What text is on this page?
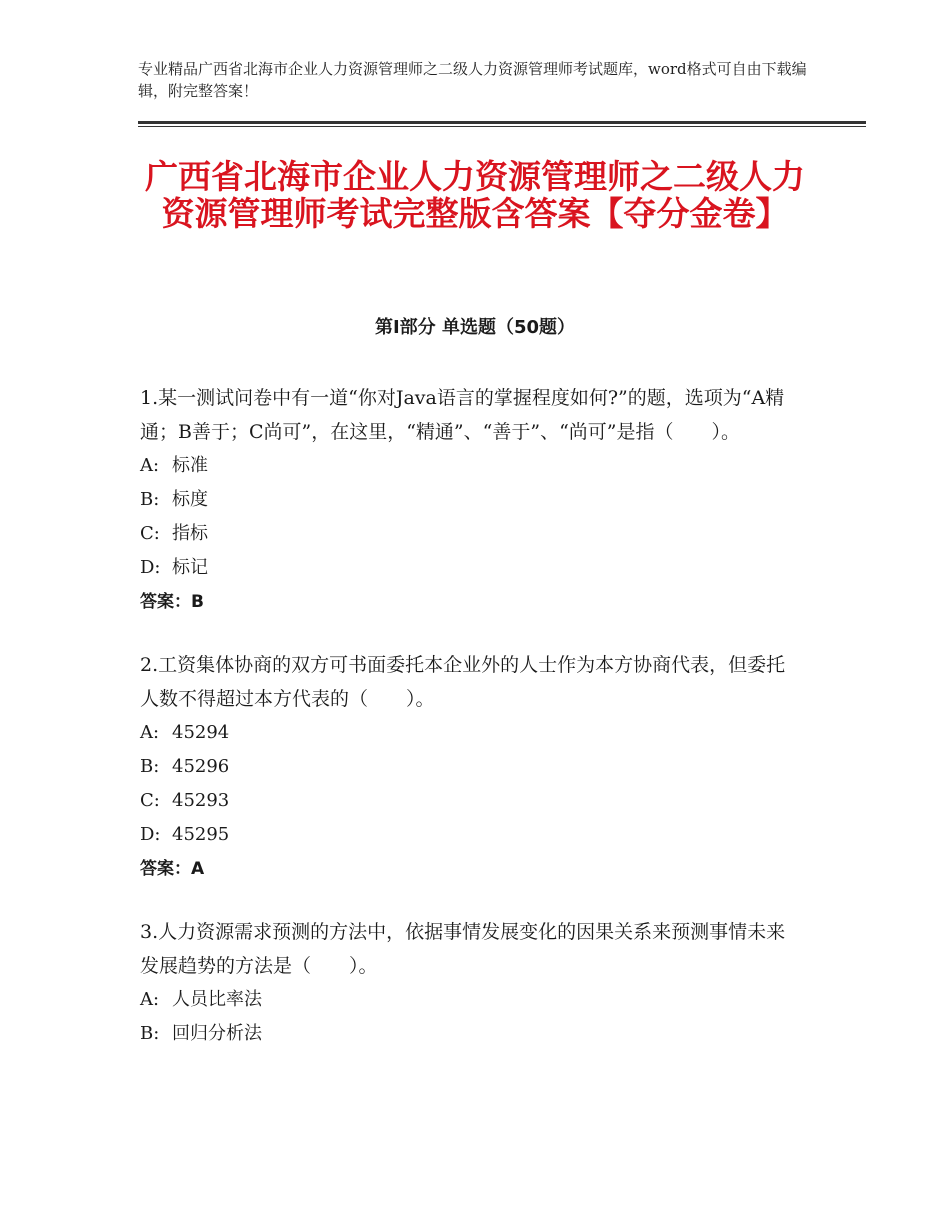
专业精品广西省北海市企业人力资源管理师之二级人力资源管理师考试题库，word格式可自由下载编辑，附完整答案！
广西省北海市企业人力资源管理师之二级人力资源管理师考试完整版含答案【夺分金卷】
第Ⅰ部分 单选题（50题）

1.某一测试问卷中有一道“你对Java语言的掌握程度如何?”的题，选项为“A精通；B善于；C尚可”，在这里，“精通”、“善于”、“尚可”是指（　　）。

A: 标准

B: 标度

C: 指标

D: 标记

答案：B

2.工资集体协商的双方可书面委托本企业外的人士作为本方协商代表，但委托人数不得超过本方代表的（　　）。

A: 45294

B: 45296

C: 45293

D: 45295

答案：A

3.人力资源需求预测的方法中，依据事情发展变化的因果关系来预测事情未来发展趋势的方法是（　　）。

A: 人员比率法

B: 回归分析法
